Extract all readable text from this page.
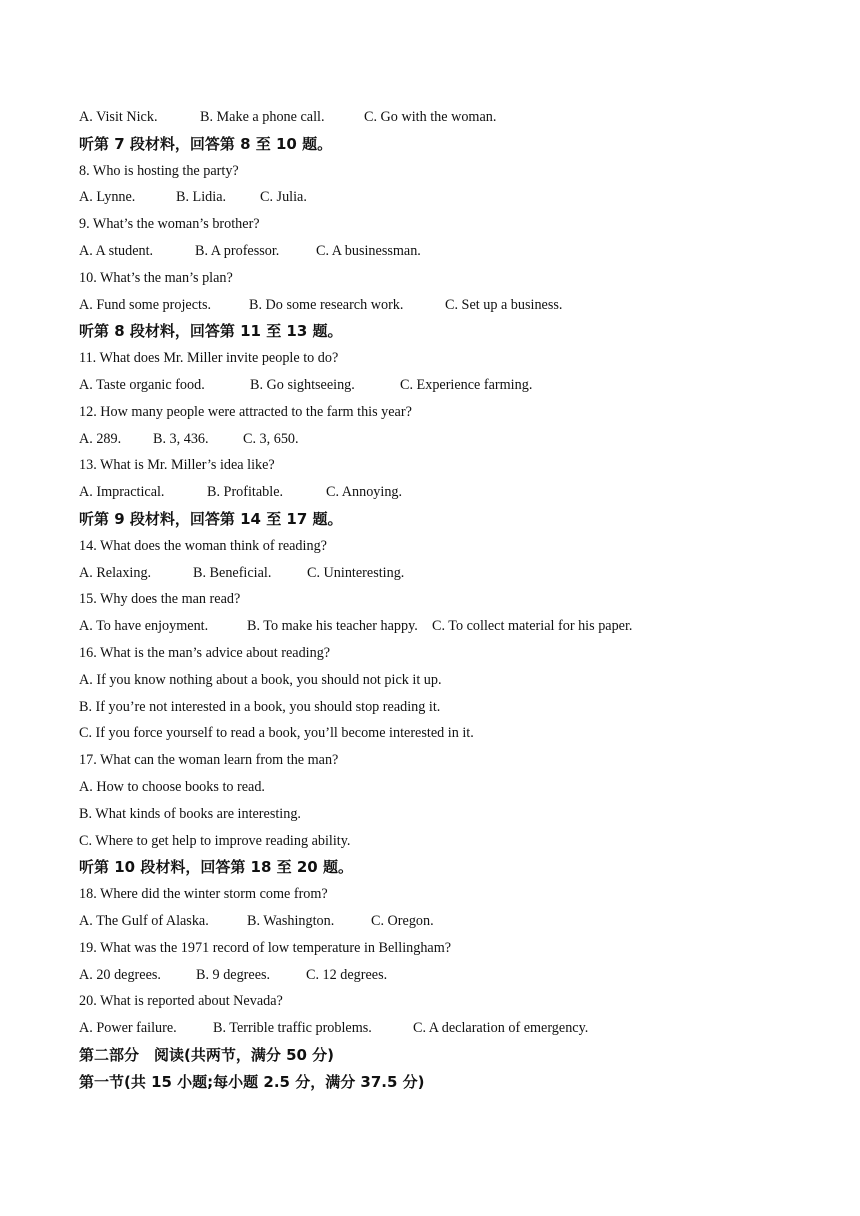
A. Visit Nick.	B. Make a phone call.	C. Go with the woman.
听第 7 段材料，回答第 8 至 10 题。
8. Who is hosting the party?
A. Lynne.	B. Lidia. C. Julia.
9. What’s the woman’s brother?
A. A student.	B. A professor.	C. A businessman.
10. What’s the man’s plan?
A. Fund some projects.	B. Do some research work.	C. Set up a business.
听第 8 段材料，回答第 11 至 13 题。
11. What does Mr. Miller invite people to do?
A. Taste organic food.	B. Go sightseeing.	C. Experience farming.
12. How many people were attracted to the farm this year?
A. 289. B. 3, 436. C. 3, 650.
13. What is Mr. Miller’s idea like?
A. Impractical.	B. Profitable.	C. Annoying.
听第 9 段材料，回答第 14 至 17 题。
14. What does the woman think of reading?
A. Relaxing.	B. Beneficial.	C. Uninteresting.
15. Why does the man read?
A. To have enjoyment.	B. To make his teacher happy. C. To collect material for his paper.
16. What is the man’s advice about reading?
A. If you know nothing about a book, you should not pick it up.
B. If you’re not interested in a book, you should stop reading it.
C. If you force yourself to read a book, you’ll become interested in it.
17. What can the woman learn from the man?
A. How to choose books to read.
B. What kinds of books are interesting.
C. Where to get help to improve reading ability.
听第 10 段材料，回答第 18 至 20 题。
18. Where did the winter storm come from?
A. The Gulf of Alaska.	B. Washington.	C. Oregon.
19. What was the 1971 record of low temperature in Bellingham?
A. 20 degrees. B. 9 degrees.	C. 12 degrees.
20. What is reported about Nevada?
A. Power failure.	B. Terrible traffic problems.	C. A declaration of emergency.
第二部分　阅读(共两节，满分 50 分)
第一节(共 15 小题;每小题 2.5 分，满分 37.5 分)
